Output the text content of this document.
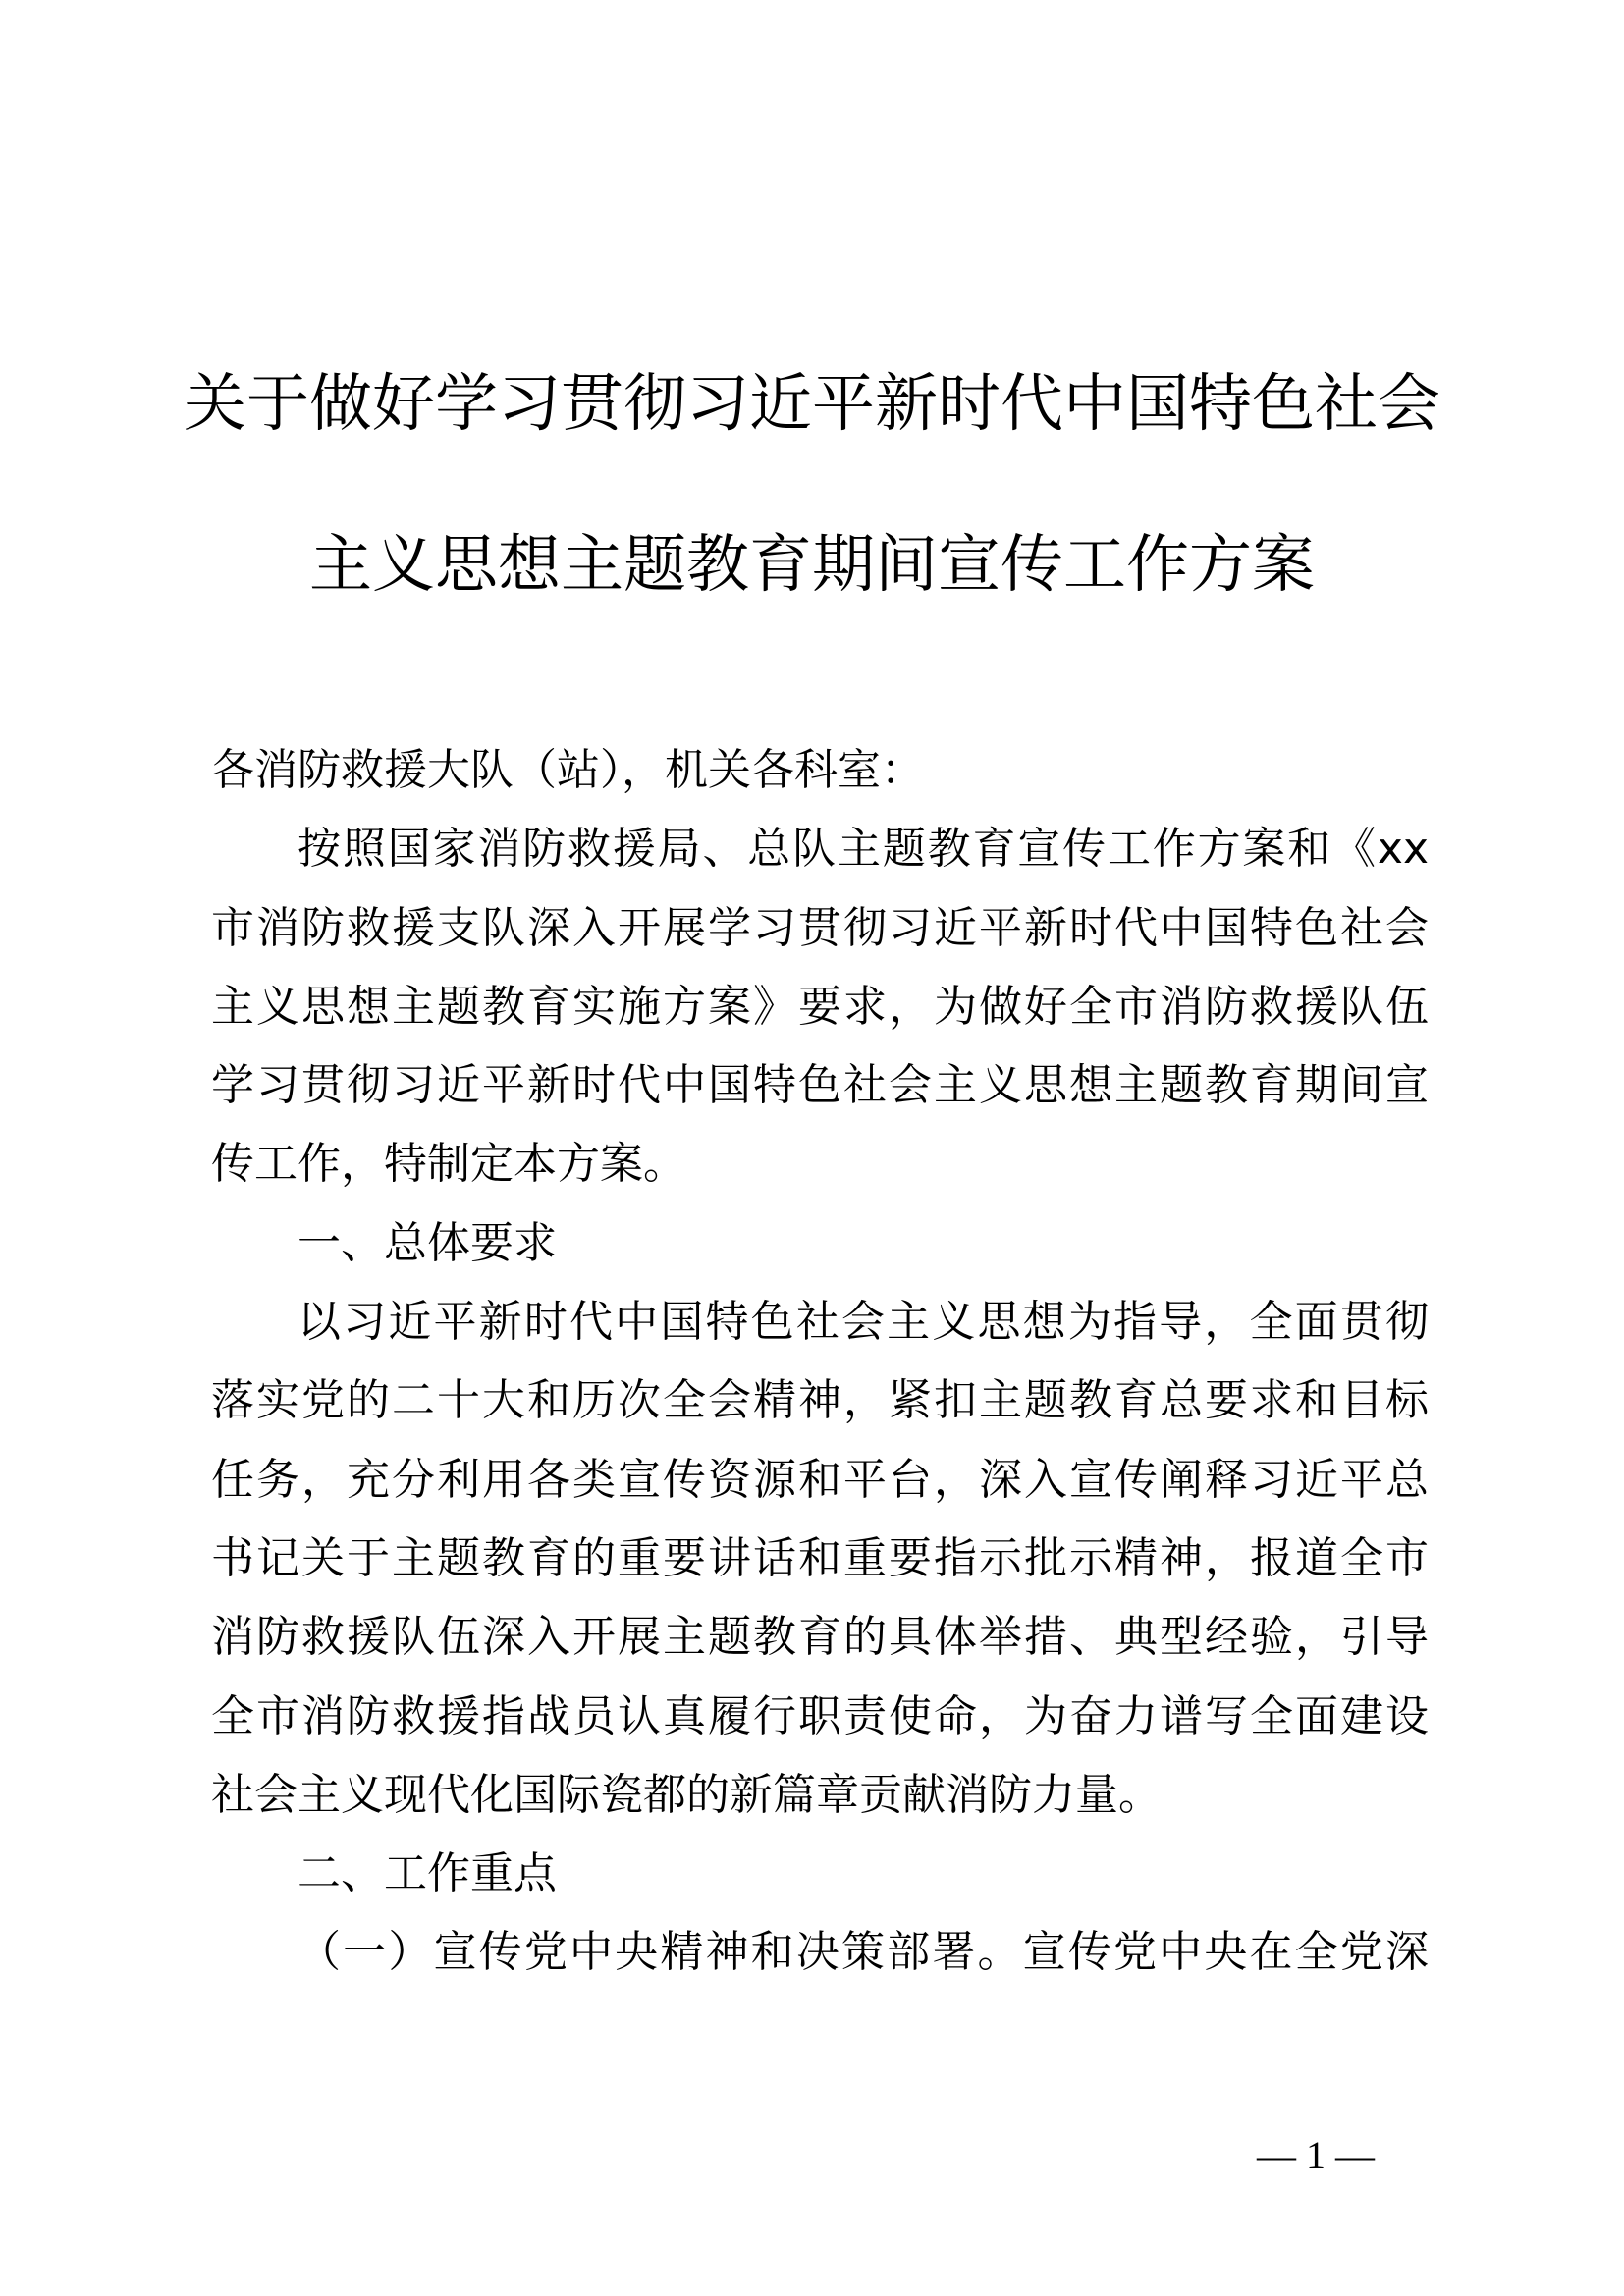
关于做好学习贯彻习近平新时代中国特色社会
主义思想主题教育期间宣传工作方案
各消防救援大队（站），机关各科室：
按照国家消防救援局、总队主题教育宣传工作方案和《xx
市消防救援支队深入开展学习贯彻习近平新时代中国特色社会
主义思想主题教育实施方案》要求，为做好全市消防救援队伍
学习贯彻习近平新时代中国特色社会主义思想主题教育期间宣
传工作，特制定本方案。
一、总体要求
以习近平新时代中国特色社会主义思想为指导，全面贯彻
落实党的二十大和历次全会精神，紧扣主题教育总要求和目标
任务，充分利用各类宣传资源和平台，深入宣传阐释习近平总
书记关于主题教育的重要讲话和重要指示批示精神，报道全市
消防救援队伍深入开展主题教育的具体举措、典型经验，引导
全市消防救援指战员认真履行职责使命，为奋力谱写全面建设
社会主义现代化国际瓷都的新篇章贡献消防力量。
二、工作重点
（一）宣传党中央精神和决策部署。宣传党中央在全党深
— 1 —
